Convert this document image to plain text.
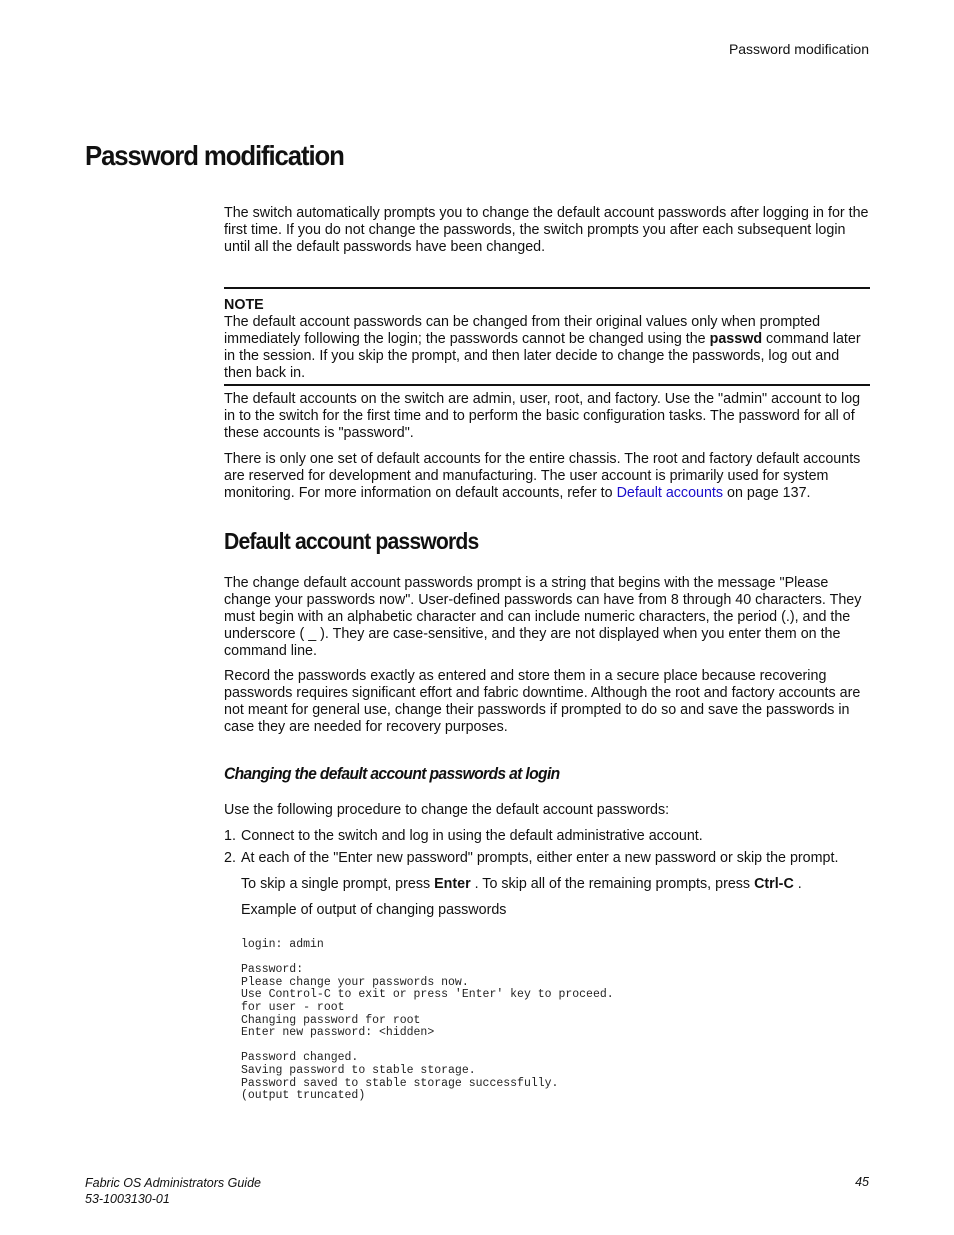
Password modification
Password modification

The switch automatically prompts you to change the default account passwords after logging in for the first time. If you do not change the passwords, the switch prompts you after each subsequent login until all the default passwords have been changed.

NOTE

The default account passwords can be changed from their original values only when prompted immediately following the login; the passwords cannot be changed using the passwd command later in the session. If you skip the prompt, and then later decide to change the passwords, log out and then back in.

The default accounts on the switch are admin, user, root, and factory. Use the "admin" account to log in to the switch for the first time and to perform the basic configuration tasks. The password for all of these accounts is "password".

There is only one set of default accounts for the entire chassis. The root and factory default accounts are reserved for development and manufacturing. The user account is primarily used for system monitoring. For more information on default accounts, refer to Default accounts on page 137.

Default account passwords

The change default account passwords prompt is a string that begins with the message "Please change your passwords now". User-defined passwords can have from 8 through 40 characters. They must begin with an alphabetic character and can include numeric characters, the period (.), and the underscore ( _ ). They are case-sensitive, and they are not displayed when you enter them on the command line.

Record the passwords exactly as entered and store them in a secure place because recovering passwords requires significant effort and fabric downtime. Although the root and factory accounts are not meant for general use, change their passwords if prompted to do so and save the passwords in case they are needed for recovery purposes.

Changing the default account passwords at login

Use the following procedure to change the default account passwords:

1. Connect to the switch and log in using the default administrative account.
2. At each of the "Enter new password" prompts, either enter a new password or skip the prompt.

To skip a single prompt, press Enter . To skip all of the remaining prompts, press Ctrl-C .

Example of output of changing passwords

login: admin

Password:
Please change your passwords now.
Use Control-C to exit or press 'Enter' key to proceed.
for user - root
Changing password for root
Enter new password: <hidden>

Password changed.
Saving password to stable storage.
Password saved to stable storage successfully.
(output truncated)
Fabric OS Administrators Guide
53-1003130-01
45
